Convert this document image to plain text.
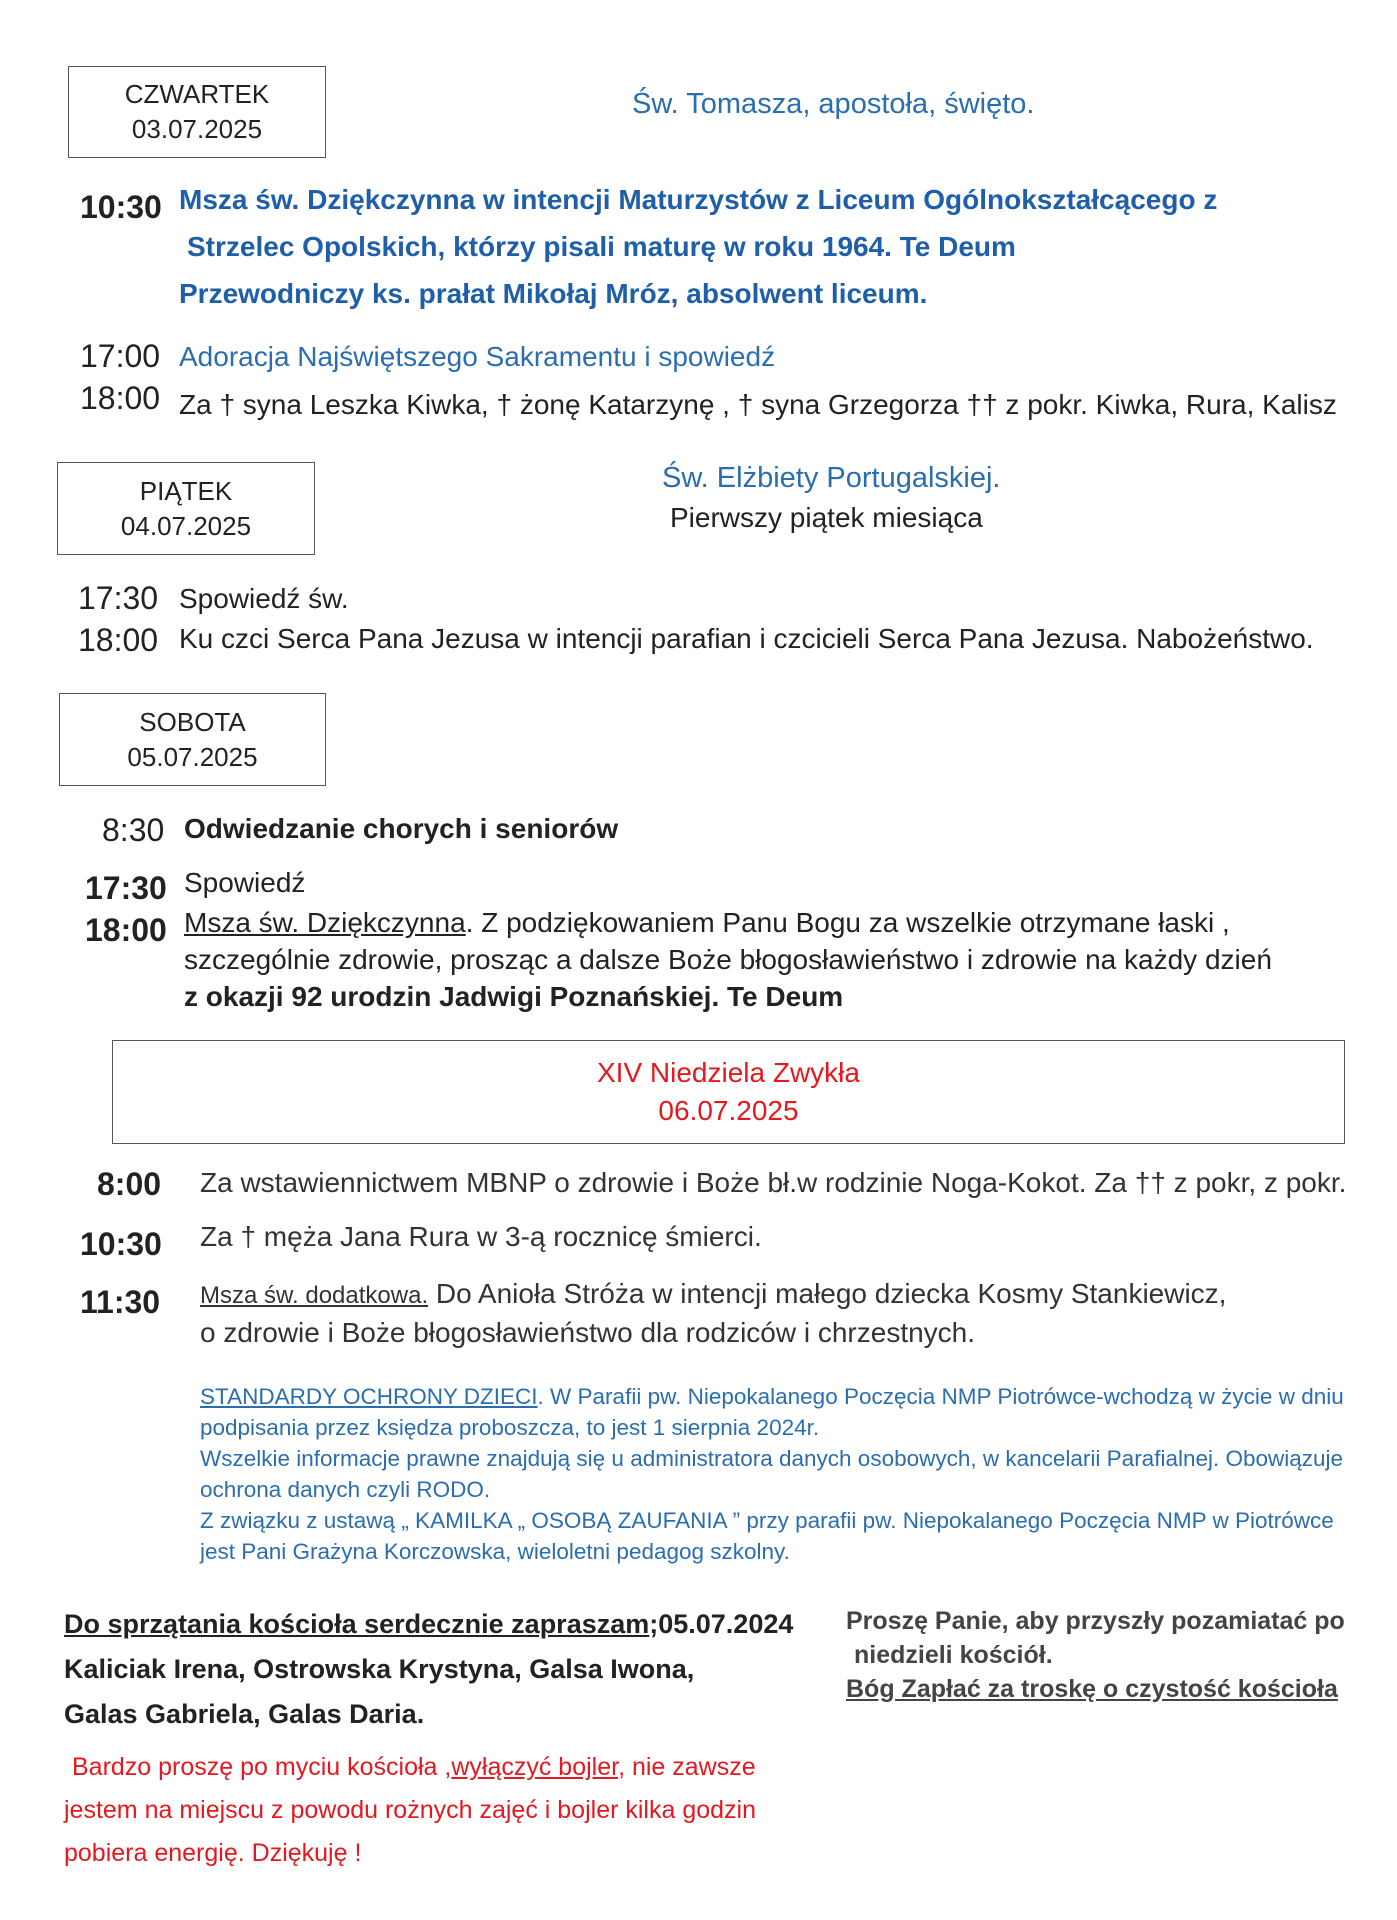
CZWARTEK
03.07.2025
Św. Tomasza, apostoła, święto.
10:30 Msza św. Dziękczynna w intencji Maturzystów z Liceum Ogólnokształcącego z
Strzelec Opolskich, którzy pisali maturę w roku 1964. Te Deum
Przewodniczy ks. prałat Mikołaj Mróz, absolwent liceum.
17:00 Adoracja Najświętszego Sakramentu i spowiedź
18:00 Za † syna Leszka Kiwka, † żonę Katarzynę , † syna Grzegorza †† z pokr. Kiwka, Rura, Kalisz
PIĄTEK
04.07.2025
Św. Elżbiety Portugalskiej.
Pierwszy piątek miesiąca
17:30 Spowiedź św.
18:00 Ku czci Serca Pana Jezusa w intencji parafian i czcicieli Serca Pana Jezusa. Nabożeństwo.
SOBOTA
05.07.2025
8:30 Odwiedzanie chorych i seniorów
17:30 Spowiedź
18:00 Msza św. Dziękczynna. Z podziękowaniem Panu Bogu za wszelkie otrzymane łaski ,
szczególnie zdrowie, prosząc a dalsze Boże błogosławieństwo i zdrowie na każdy dzień
z okazji 92 urodzin Jadwigi Poznańskiej. Te Deum
XIV Niedziela Zwykła
06.07.2025
8:00 Za wstawiennictwem MBNP o zdrowie i Boże bł.w rodzinie Noga-Kokot. Za †† z pokr, z pokr.
10:30 Za † męża Jana Rura w 3-ą rocznicę śmierci.
11:30 Msza św. dodatkowa. Do Anioła Stróża w intencji małego dziecka Kosmy Stankiewicz,
o zdrowie i Boże błogosławieństwo dla rodziców i chrzestnych.
STANDARDY OCHRONY DZIECI. W Parafii pw. Niepokalanego Poczęcia NMP Piotrówce-wchodzą w życie w dniu
podpisania przez księdza proboszcza, to jest 1 sierpnia 2024r.
Wszelkie informacje prawne znajdują się u administratora danych osobowych, w kancelarii Parafialnej. Obowiązuje
ochrona danych czyli RODO.
Z związku z ustawą „ KAMILKA „ OSOBĄ ZAUFANIA ” przy parafii pw. Niepokalanego Poczęcia NMP w Piotrówce
jest Pani Grażyna Korczowska, wieloletni pedagog szkolny.
Do sprzątania kościoła serdecznie zapraszam;05.07.2024
Kaliciak Irena, Ostrowska Krystyna, Galsa Iwona,
Galas Gabriela, Galas Daria.
Bardzo proszę po myciu kościoła ,wyłączyć bojler, nie zawsze
jestem na miejscu z powodu rożnych zajęć i bojler kilka godzin
pobiera energię. Dziękuję !
Proszę Panie, aby przyszły pozamiatać po
niedzieli kościół.
Bóg Zapłać za troskę o czystość kościoła
